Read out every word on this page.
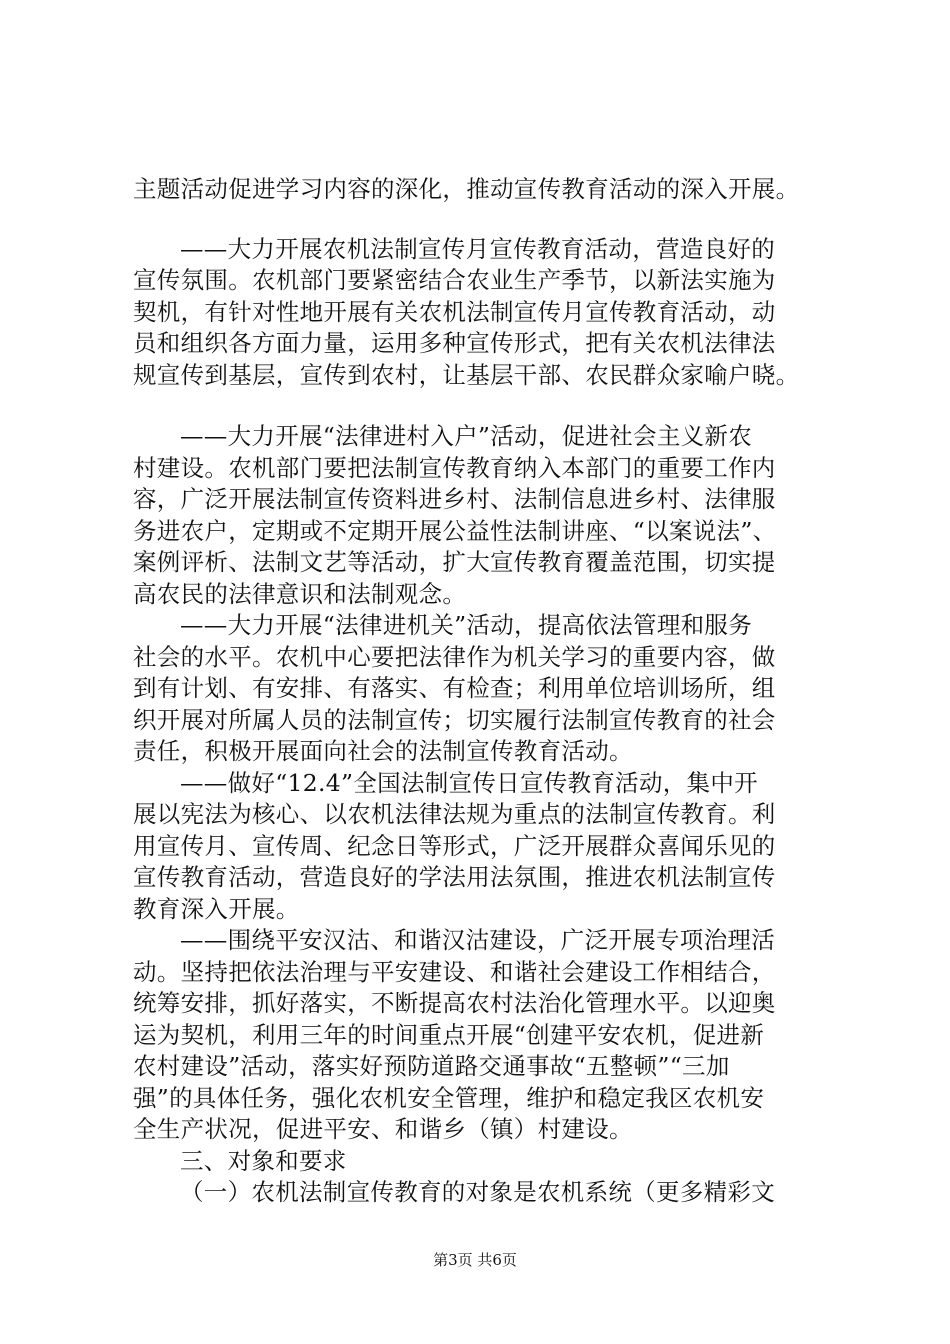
主题活动促进学习内容的深化，推动宣传教育活动的深入开展。
——大力开展农机法制宣传月宣传教育活动，营造良好的
宣传氛围。农机部门要紧密结合农业生产季节，以新法实施为
契机，有针对性地开展有关农机法制宣传月宣传教育活动，动
员和组织各方面力量，运用多种宣传形式，把有关农机法律法
规宣传到基层，宣传到农村，让基层干部、农民群众家喻户晓。
——大力开展“法律进村入户”活动，促进社会主义新农
村建设。农机部门要把法制宣传教育纳入本部门的重要工作内
容，广泛开展法制宣传资料进乡村、法制信息进乡村、法律服
务进农户，定期或不定期开展公益性法制讲座、“以案说法”、
案例评析、法制文艺等活动，扩大宣传教育覆盖范围，切实提
高农民的法律意识和法制观念。
——大力开展“法律进机关”活动，提高依法管理和服务
社会的水平。农机中心要把法律作为机关学习的重要内容，做
到有计划、有安排、有落实、有检查；利用单位培训场所，组
织开展对所属人员的法制宣传；切实履行法制宣传教育的社会
责任，积极开展面向社会的法制宣传教育活动。
——做好“12.4”全国法制宣传日宣传教育活动，集中开
展以宪法为核心、以农机法律法规为重点的法制宣传教育。利
用宣传月、宣传周、纪念日等形式，广泛开展群众喜闻乐见的
宣传教育活动，营造良好的学法用法氛围，推进农机法制宣传
教育深入开展。
——围绕平安汉沽、和谐汉沽建设，广泛开展专项治理活
动。坚持把依法治理与平安建设、和谐社会建设工作相结合，
统筹安排，抓好落实，不断提高农村法治化管理水平。以迎奥
运为契机，利用三年的时间重点开展“创建平安农机，促进新
农村建设”活动，落实好预防道路交通事故“五整顿”“三加
强”的具体任务，强化农机安全管理，维护和稳定我区农机安
全生产状况，促进平安、和谐乡（镇）村建设。
三、对象和要求
（一）农机法制宣传教育的对象是农机系统（更多精彩文
第3页 共6页
